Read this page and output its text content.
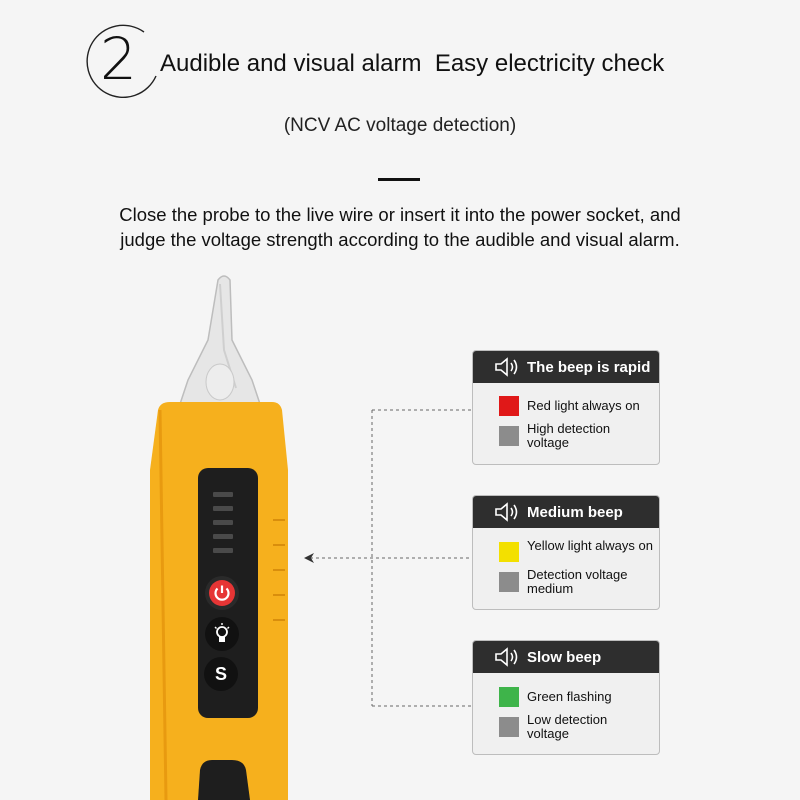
2 Audible and visual alarm  Easy electricity check
(NCV AC voltage detection)
Close the probe to the live wire or insert it into the power socket, and
judge the voltage strength according to the audible and visual alarm.
S
The beep is rapid
Red light always on
High detection voltage
Medium beep
Yellow light always on
Detection voltage medium
Slow beep
Green flashing
Low detection voltage
